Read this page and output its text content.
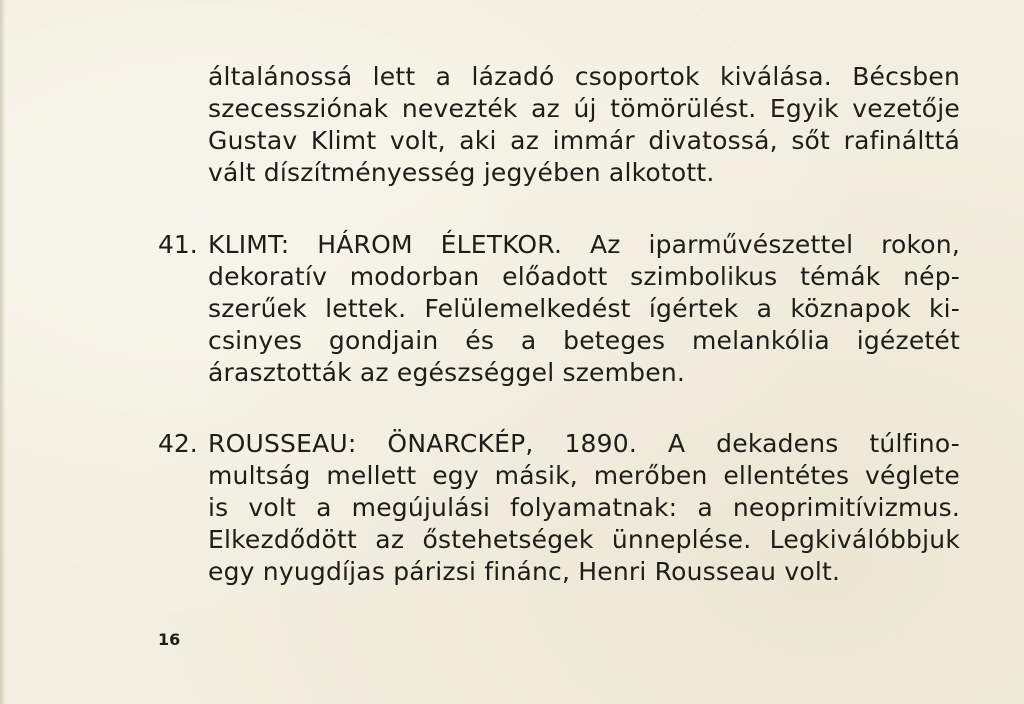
általánossá lett a lázadó csoportok kiválása. Bécsben
szecessziónak nevezték az új tömörülést. Egyik vezetője
Gustav Klimt volt, aki az immár divatossá, sőt rafinálttá
vált díszítményesség jegyében alkotott.
41. KLIMT: HÁROM ÉLETKOR. Az iparművészettel rokon,
dekoratív modorban előadott szimbolikus témák nép-
szerűek lettek. Felülemelkedést ígértek a köznapok ki-
csinyes gondjain és a beteges melankólia igézetét
árasztották az egészséggel szemben.
42. ROUSSEAU: ÖNARCKÉP, 1890. A dekadens túlfino-
multság mellett egy másik, merőben ellentétes véglete
is volt a megújulási folyamatnak: a neoprimitívizmus.
Elkezdődött az őstehetségek ünneplése. Legkiválóbbjuk
egy nyugdíjas párizsi finánc, Henri Rousseau volt.
16
